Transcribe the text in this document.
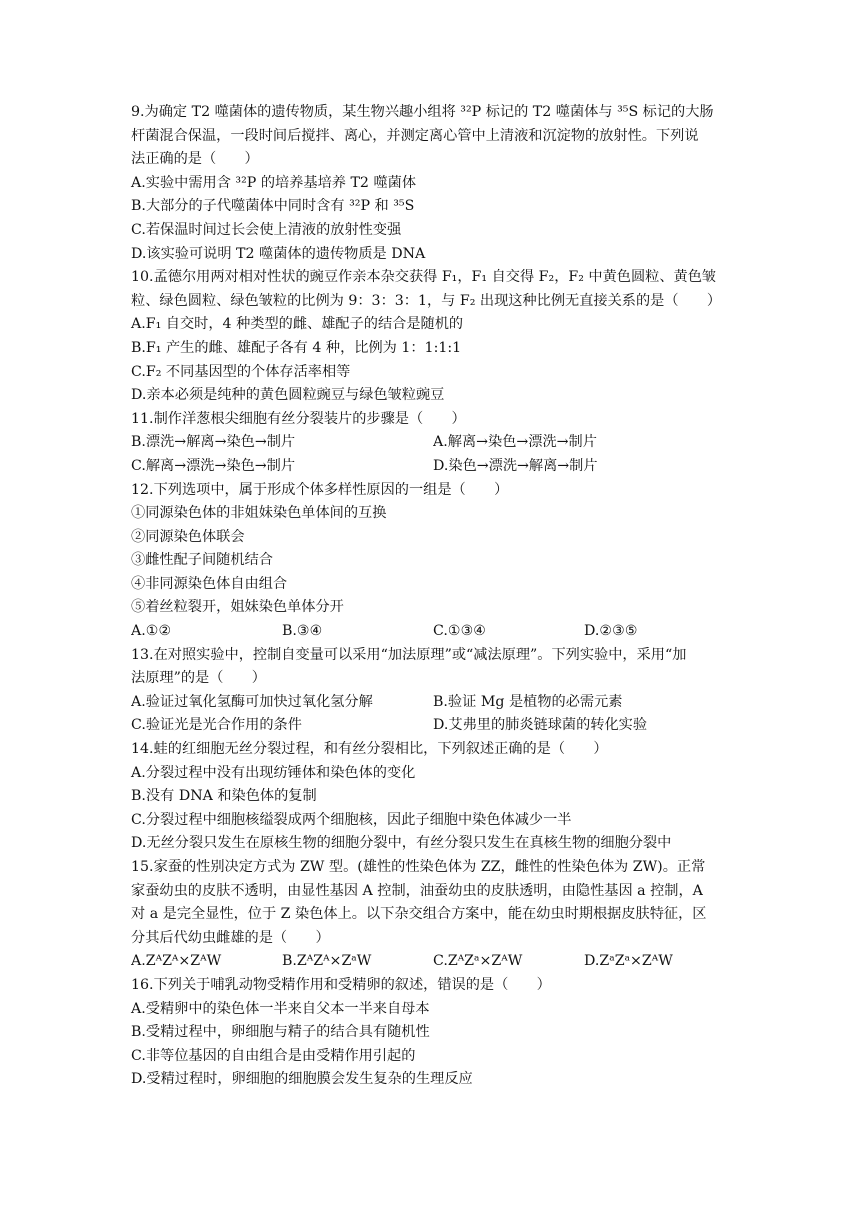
9.为确定 T2 噬菌体的遗传物质，某生物兴趣小组将 ³²P 标记的 T2 噬菌体与 ³⁵S 标记的大肠
杆菌混合保温，一段时间后搅拌、离心，并测定离心管中上清液和沉淀物的放射性。下列说
法正确的是（　　）
A.实验中需用含 ³²P 的培养基培养 T2 噬菌体
B.大部分的子代噬菌体中同时含有 ³²P 和 ³⁵S
C.若保温时间过长会使上清液的放射性变强
D.该实验可说明 T2 噬菌体的遗传物质是 DNA
10.孟德尔用两对相对性状的豌豆作亲本杂交获得 F₁，F₁ 自交得 F₂，F₂ 中黄色圆粒、黄色皱
粒、绿色圆粒、绿色皱粒的比例为 9：3：3：1，与 F₂ 出现这种比例无直接关系的是（　　）
A.F₁ 自交时，4 种类型的雌、雄配子的结合是随机的
B.F₁ 产生的雌、雄配子各有 4 种，比例为 1：1:1:1
C.F₂ 不同基因型的个体存活率相等
D.亲本必须是纯种的黄色圆粒豌豆与绿色皱粒豌豆
11.制作洋葱根尖细胞有丝分裂装片的步骤是（　　）
B.漂洗→解离→染色→制片	A.解离→染色→漂洗→制片
C.解离→漂洗→染色→制片	D.染色→漂洗→解离→制片
12.下列选项中，属于形成个体多样性原因的一组是（　　）
①同源染色体的非姐妹染色单体间的互换
②同源染色体联会
③雌性配子间随机结合
④非同源染色体自由组合
⑤着丝粒裂开，姐妹染色单体分开
A.①②	B.③④	C.①③④	D.②③⑤
13.在对照实验中，控制自变量可以采用“加法原理”或“减法原理”。下列实验中，采用“加
法原理”的是（　　）
A.验证过氧化氢酶可加快过氧化氢分解	B.验证 Mg 是植物的必需元素
C.验证光是光合作用的条件	D.艾弗里的肺炎链球菌的转化实验
14.蛙的红细胞无丝分裂过程，和有丝分裂相比，下列叙述正确的是（　　）
A.分裂过程中没有出现纺锤体和染色体的变化
B.没有 DNA 和染色体的复制
C.分裂过程中细胞核缢裂成两个细胞核，因此子细胞中染色体减少一半
D.无丝分裂只发生在原核生物的细胞分裂中，有丝分裂只发生在真核生物的细胞分裂中
15.家蚕的性别决定方式为 ZW 型。(雄性的性染色体为 ZZ，雌性的性染色体为 ZW)。正常
家蚕幼虫的皮肤不透明，由显性基因 A 控制，油蚕幼虫的皮肤透明，由隐性基因 a 控制，A
对 a 是完全显性，位于 Z 染色体上。以下杂交组合方案中，能在幼虫时期根据皮肤特征，区
分其后代幼虫雌雄的是（　　）
A.ZᴬZᴬ×ZᴬW	B.ZᴬZᴬ×ZᵃW	C.ZᴬZᵃ×ZᴬW	D.ZᵃZᵃ×ZᴬW
16.下列关于哺乳动物受精作用和受精卵的叙述，错误的是（　　）
A.受精卵中的染色体一半来自父本一半来自母本
B.受精过程中，卵细胞与精子的结合具有随机性
C.非等位基因的自由组合是由受精作用引起的
D.受精过程时，卵细胞的细胞膜会发生复杂的生理反应
